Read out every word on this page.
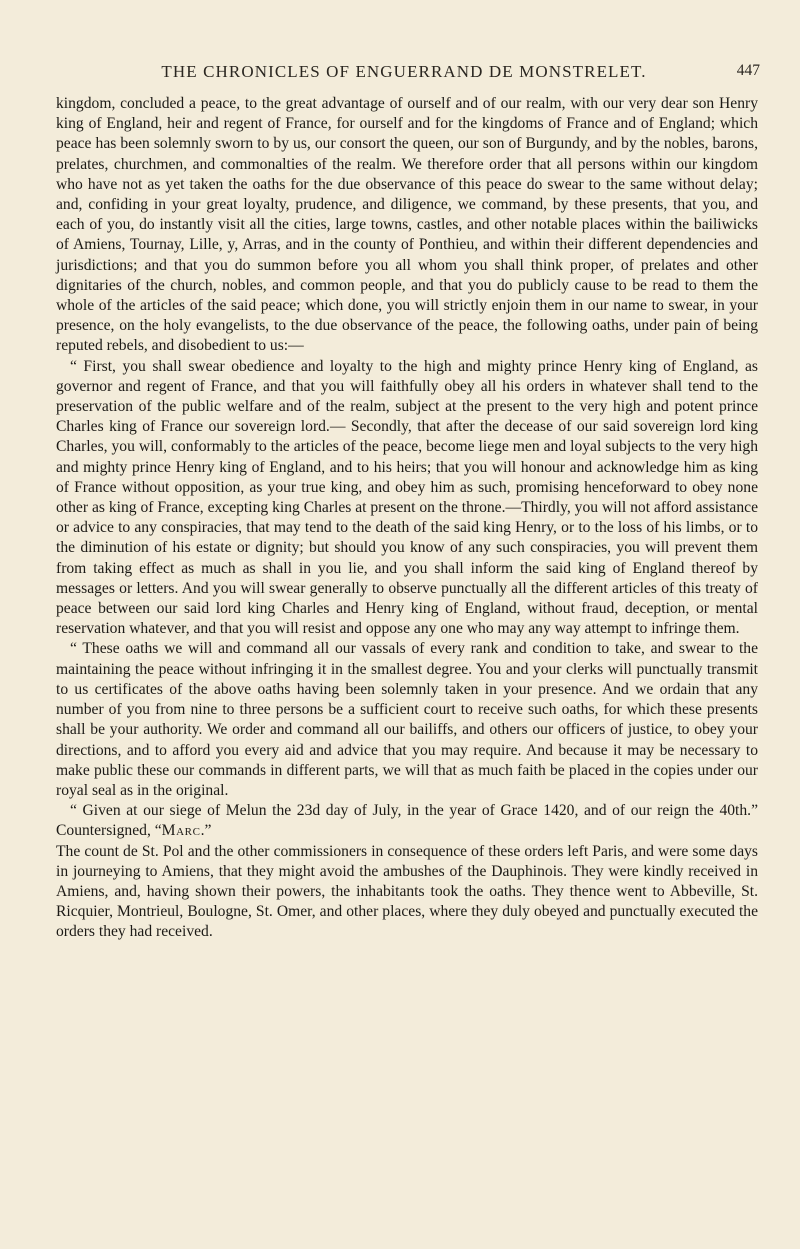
THE CHRONICLES OF ENGUERRAND DE MONSTRELET.	447

kingdom, concluded a peace, to the great advantage of ourself and of our realm, with our very dear son Henry king of England, heir and regent of France, for ourself and for the kingdoms of France and of England; which peace has been solemnly sworn to by us, our consort the queen, our son of Burgundy, and by the nobles, barons, prelates, churchmen, and commonalties of the realm. We therefore order that all persons within our kingdom who have not as yet taken the oaths for the due observance of this peace do swear to the same without delay; and, confiding in your great loyalty, prudence, and diligence, we command, by these presents, that you, and each of you, do instantly visit all the cities, large towns, castles, and other notable places within the bailiwicks of Amiens, Tournay, Lille, y, Arras, and in the county of Ponthieu, and within their different dependencies and jurisdictions; and that you do summon before you all whom you shall think proper, of prelates and other dignitaries of the church, nobles, and common people, and that you do publicly cause to be read to them the whole of the articles of the said peace; which done, you will strictly enjoin them in our name to swear, in your presence, on the holy evangelists, to the due observance of the peace, the following oaths, under pain of being reputed rebels, and disobedient to us:—

“ First, you shall swear obedience and loyalty to the high and mighty prince Henry king of England, as governor and regent of France, and that you will faithfully obey all his orders in whatever shall tend to the preservation of the public welfare and of the realm, subject at the present to the very high and potent prince Charles king of France our sovereign lord.— Secondly, that after the decease of our said sovereign lord king Charles, you will, conformably to the articles of the peace, become liege men and loyal subjects to the very high and mighty prince Henry king of England, and to his heirs; that you will honour and acknowledge him as king of France without opposition, as your true king, and obey him as such, promising henceforward to obey none other as king of France, excepting king Charles at present on the throne.—Thirdly, you will not afford assistance or advice to any conspiracies, that may tend to the death of the said king Henry, or to the loss of his limbs, or to the diminution of his estate or dignity; but should you know of any such conspiracies, you will prevent them from taking effect as much as shall in you lie, and you shall inform the said king of England thereof by messages or letters. And you will swear generally to observe punctually all the different articles of this treaty of peace between our said lord king Charles and Henry king of England, without fraud, deception, or mental reservation whatever, and that you will resist and oppose any one who may any way attempt to infringe them.

“ These oaths we will and command all our vassals of every rank and condition to take, and swear to the maintaining the peace without infringing it in the smallest degree. You and your clerks will punctually transmit to us certificates of the above oaths having been solemnly taken in your presence. And we ordain that any number of you from nine to three persons be a sufficient court to receive such oaths, for which these presents shall be your authority. We order and command all our bailiffs, and others our officers of justice, to obey your directions, and to afford you every aid and advice that you may require. And because it may be necessary to make public these our commands in different parts, we will that as much faith be placed in the copies under our royal seal as in the original.

“ Given at our siege of Melun the 23d day of July, in the year of Grace 1420, and of our reign the 40th.” Countersigned, “Marc.”

The count de St. Pol and the other commissioners in consequence of these orders left Paris, and were some days in journeying to Amiens, that they might avoid the ambushes of the Dauphinois. They were kindly received in Amiens, and, having shown their powers, the inhabitants took the oaths. They thence went to Abbeville, St. Ricquier, Montrieul, Boulogne, St. Omer, and other places, where they duly obeyed and punctually executed the orders they had received.
